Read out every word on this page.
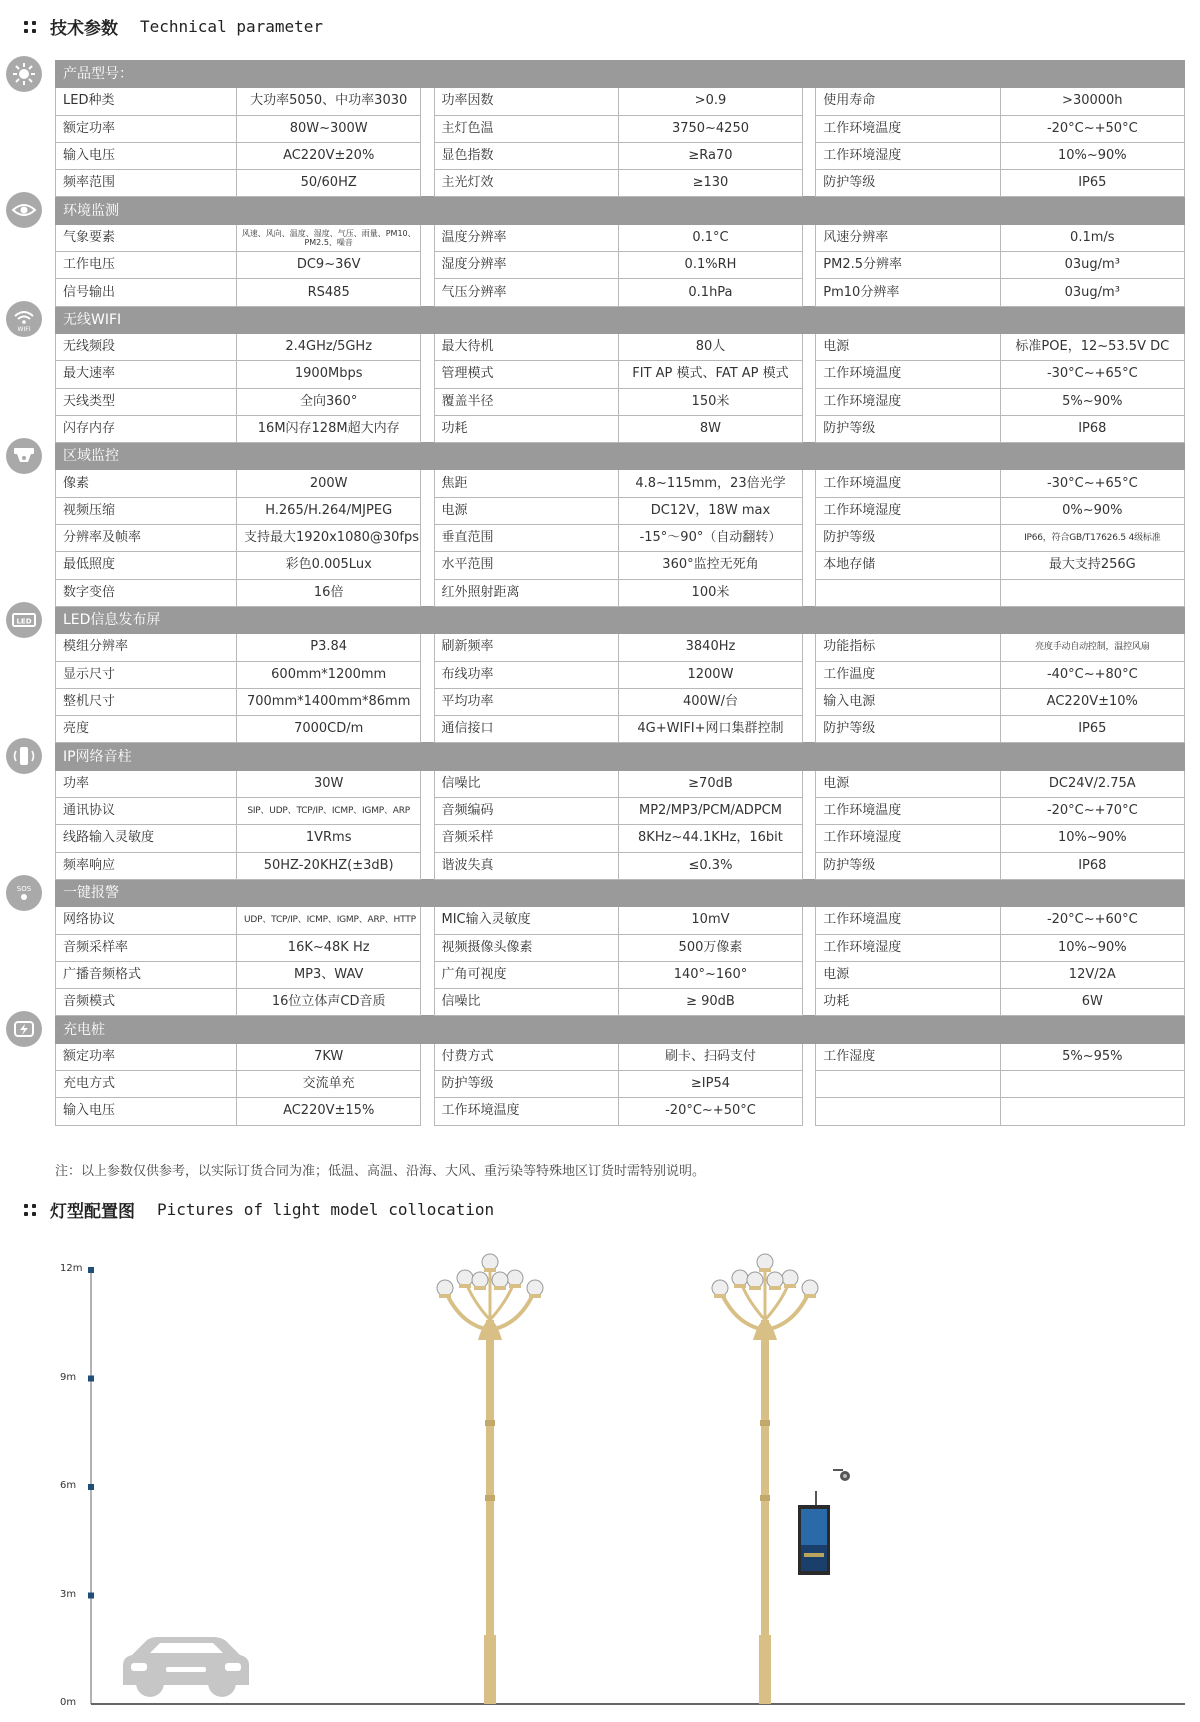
技术参数 Technical parameter
产品型号：							
LED种类	大功率5050、中功率3030		功率因数	>0.9		使用寿命	>30000h
额定功率	80W~300W		主灯色温	3750~4250		工作环境温度	-20°C~+50°C
输入电压	AC220V±20%		显色指数	≥Ra70		工作环境湿度	10%~90%
频率范围	50/60HZ		主光灯效	≥130		防护等级	IP65
环境监测							
气象要素	风速、风向、温度、湿度、气压、雨量、PM10、PM2.5、噪音		温度分辨率	0.1°C		风速分辨率	0.1m/s
工作电压	DC9~36V		湿度分辨率	0.1%RH		PM2.5分辨率	03ug/m³
信号输出	RS485		气压分辨率	0.1hPa		Pm10分辨率	03ug/m³
无线WIFI							
无线频段	2.4GHz/5GHz		最大待机	80人		电源	标准POE，12~53.5V DC
最大速率	1900Mbps		管理模式	FIT AP 模式、FAT AP 模式		工作环境温度	-30°C~+65°C
天线类型	全向360°		覆盖半径	150米		工作环境湿度	5%~90%
闪存内存	16M闪存128M超大内存		功耗	8W		防护等级	IP68
区域监控							
像素	200W		焦距	4.8~115mm，23倍光学		工作环境温度	-30°C~+65°C
视频压缩	H.265/H.264/MJPEG		电源	DC12V，18W max		工作环境湿度	0%~90%
分辨率及帧率	支持最大1920x1080@30fps		垂直范围	-15°～90°（自动翻转）		防护等级	IP66，符合GB/T17626.5 4级标准
最低照度	彩色0.005Lux		水平范围	360°监控无死角		本地存储	最大支持256G
数字变倍	16倍		红外照射距离	100米			
LED信息发布屏							
模组分辨率	P3.84		刷新频率	3840Hz		功能指标	亮度手动自动控制，温控风扇
显示尺寸	600mm*1200mm		布线功率	1200W		工作温度	-40°C~+80°C
整机尺寸	700mm*1400mm*86mm		平均功率	400W/台		输入电源	AC220V±10%
亮度	7000CD/m		通信接口	4G+WIFI+网口集群控制		防护等级	IP65
IP网络音柱							
功率	30W		信噪比	≥70dB		电源	DC24V/2.75A
通讯协议	SIP、UDP、TCP/IP、ICMP、IGMP、ARP		音频编码	MP2/MP3/PCM/ADPCM		工作环境温度	-20°C~+70°C
线路输入灵敏度	1VRms		音频采样	8KHz~44.1KHz，16bit		工作环境湿度	10%~90%
频率响应	50HZ-20KHZ(±3dB)		谐波失真	≤0.3%		防护等级	IP68
一键报警							
网络协议	UDP、TCP/IP、ICMP、IGMP、ARP、HTTP		MIC输入灵敏度	10mV		工作环境温度	-20°C~+60°C
音频采样率	16K~48K Hz		视频摄像头像素	500万像素		工作环境湿度	10%~90%
广播音频格式	MP3、WAV		广角可视度	140°~160°		电源	12V/2A
音频模式	16位立体声CD音质		信噪比	≥ 90dB		功耗	6W
充电桩							
额定功率	7KW		付费方式	刷卡、扫码支付		工作湿度	5%~95%
充电方式	交流单充		防护等级	≥IP54			
输入电压	AC220V±15%		工作环境温度	-20°C~+50°C			
WIFI
LED
SOS
注：以上参数仅供参考，以实际订货合同为准；低温、高温、沿海、大风、重污染等特殊地区订货时需特别说明。
灯型配置图 Pictures of light model collocation
12m
9m
6m
3m
0m
